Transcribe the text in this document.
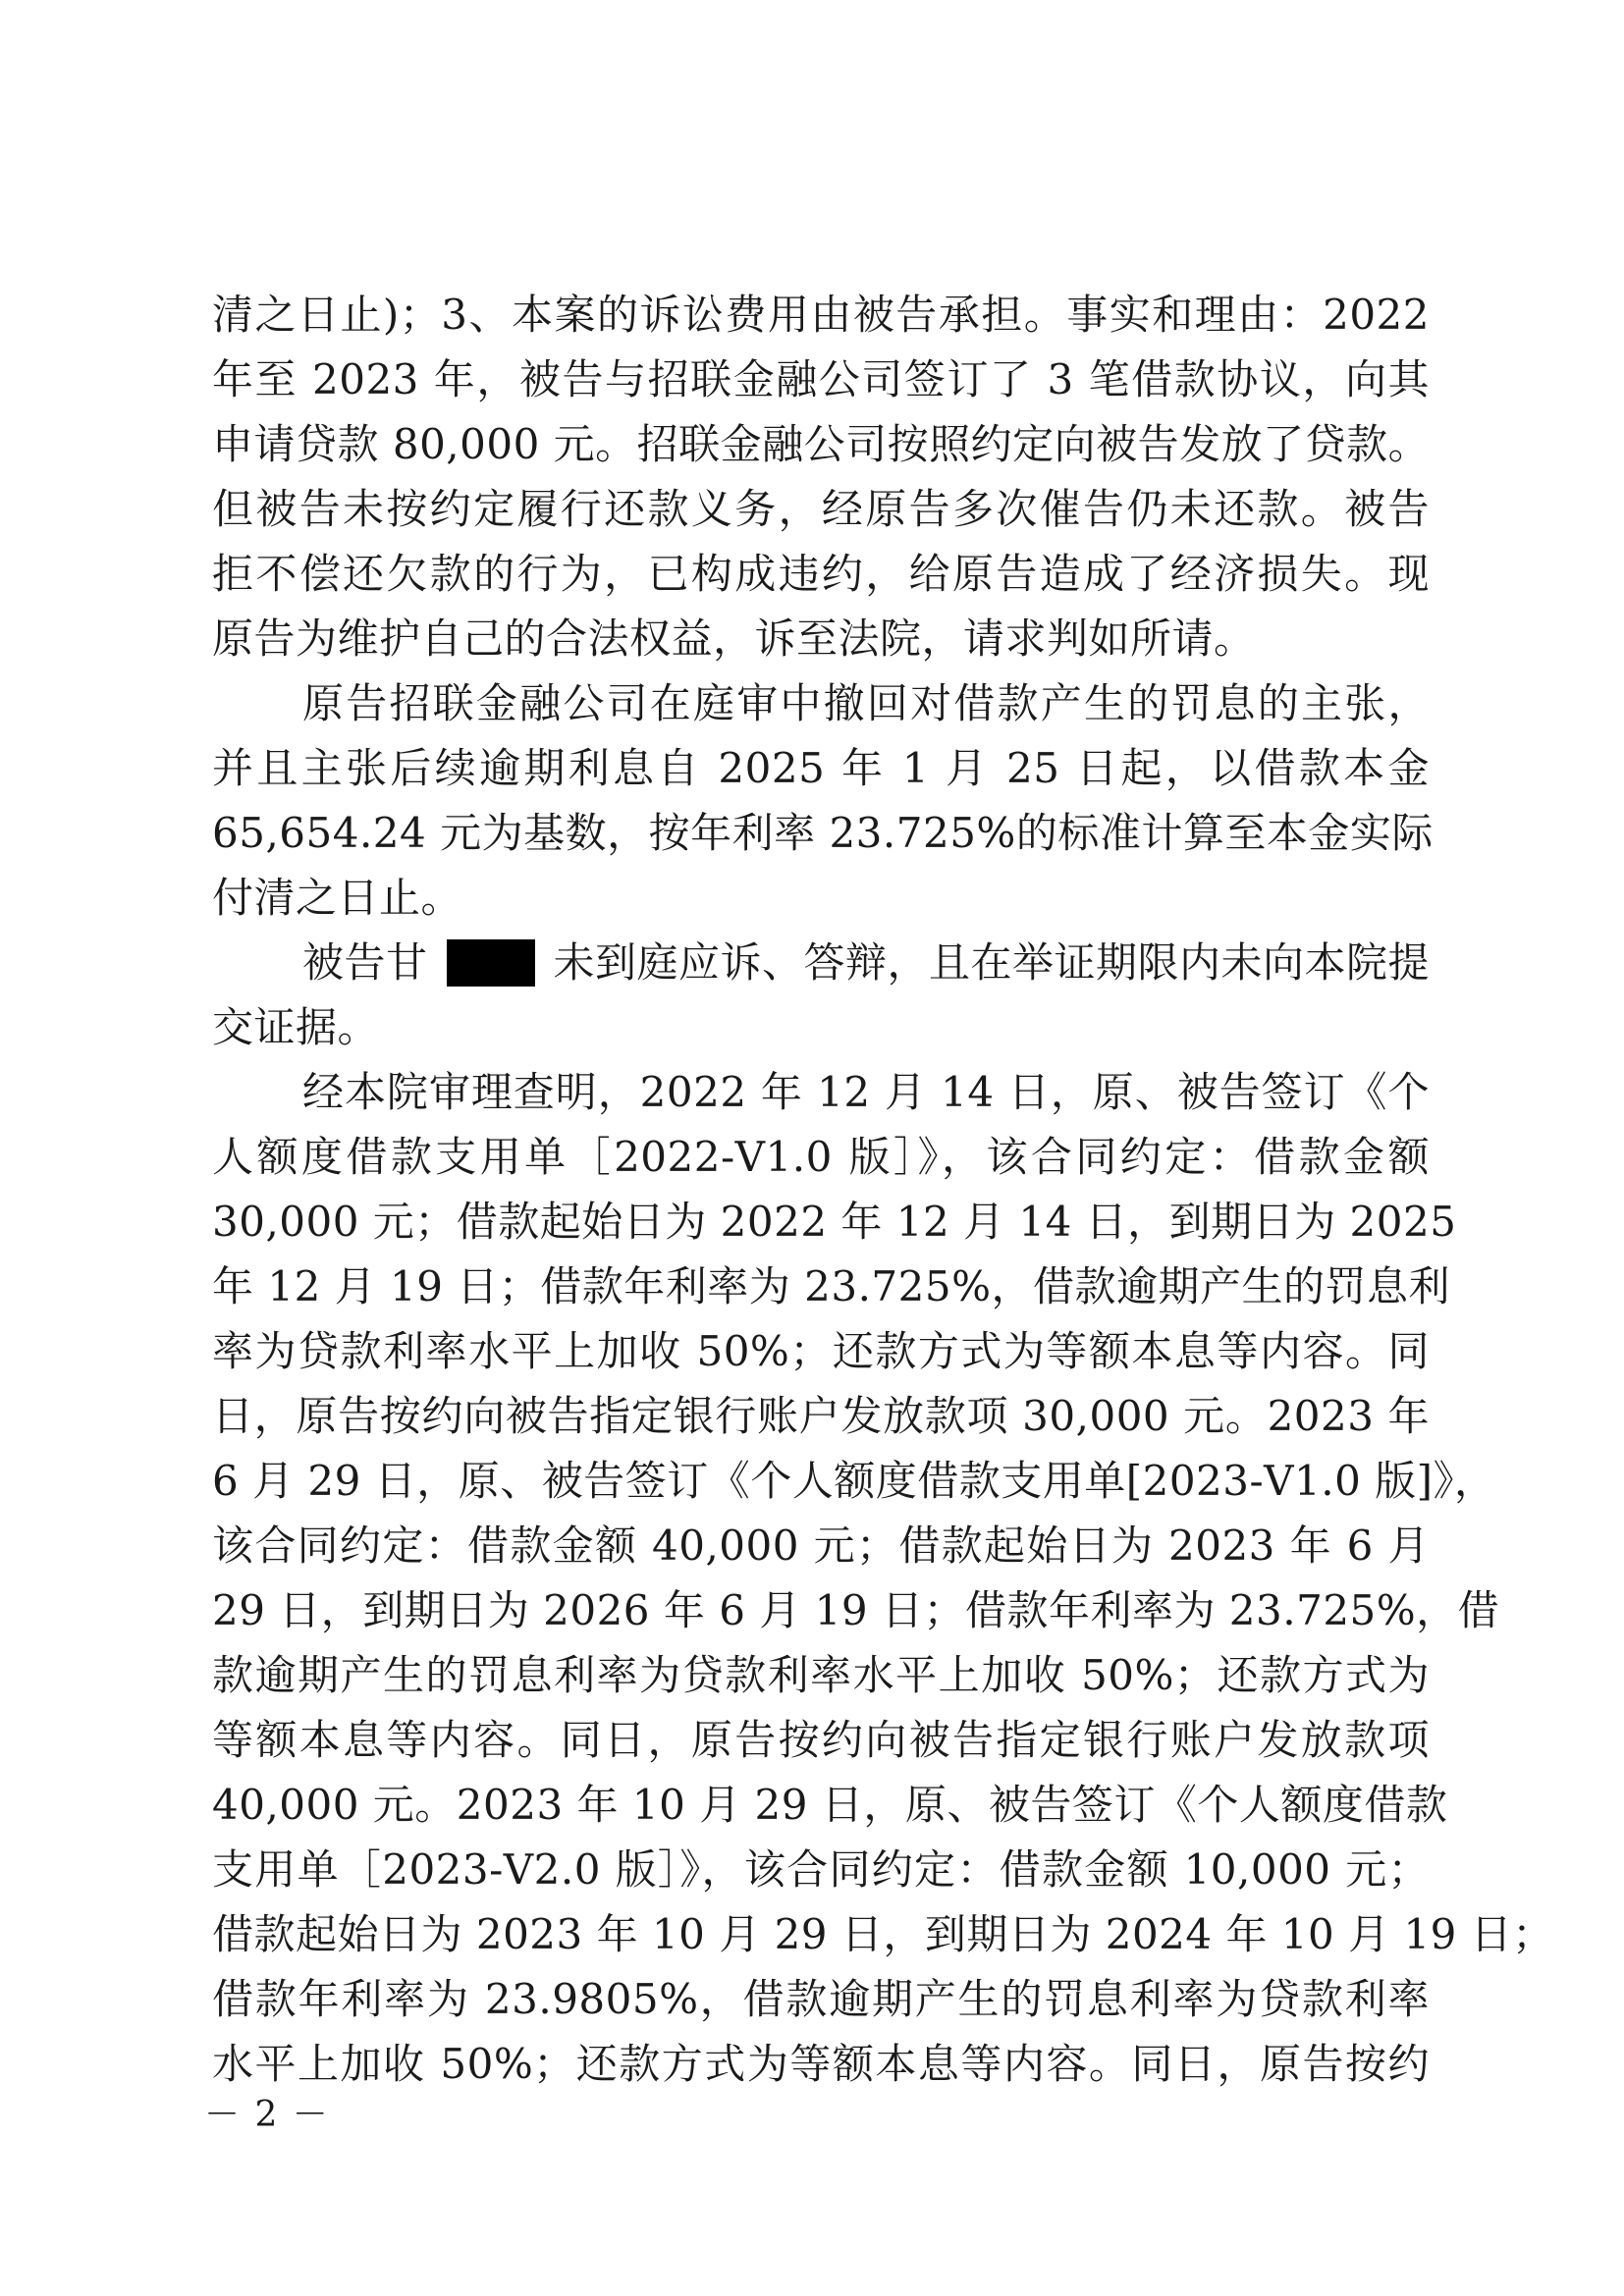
清之日止)；3、本案的诉讼费用由被告承担。事实和理由：2022
年至 2023 年，被告与招联金融公司签订了 3 笔借款协议，向其
申请贷款 80,000 元。招联金融公司按照约定向被告发放了贷款。
但被告未按约定履行还款义务，经原告多次催告仍未还款。被告
拒不偿还欠款的行为，已构成违约，给原告造成了经济损失。现
原告为维护自己的合法权益，诉至法院，请求判如所请。
原告招联金融公司在庭审中撤回对借款产生的罚息的主张，
并且主张后续逾期利息自 2025 年 1 月 25 日起，以借款本金
65,654.24 元为基数，按年利率 23.725%的标准计算至本金实际
付清之日止。
被告甘	未到庭应诉、答辩，且在举证期限内未向本院提
交证据。
经本院审理查明，2022 年 12 月 14 日，原、被告签订《个
人额度借款支用单［2022-V1.0 版］》，该合同约定：借款金额
30,000 元；借款起始日为 2022 年 12 月 14 日，到期日为 2025
年 12 月 19 日；借款年利率为 23.725%，借款逾期产生的罚息利
率为贷款利率水平上加收 50%；还款方式为等额本息等内容。同
日，原告按约向被告指定银行账户发放款项 30,000 元。2023 年
6 月 29 日，原、被告签订《个人额度借款支用单[2023-V1.0 版]》，
该合同约定：借款金额 40,000 元；借款起始日为 2023 年 6 月
29 日，到期日为 2026 年 6 月 19 日；借款年利率为 23.725%，借
款逾期产生的罚息利率为贷款利率水平上加收 50%；还款方式为
等额本息等内容。同日，原告按约向被告指定银行账户发放款项
40,000 元。2023 年 10 月 29 日，原、被告签订《个人额度借款
支用单［2023-V2.0 版］》，该合同约定：借款金额 10,000 元；
借款起始日为 2023 年 10 月 29 日，到期日为 2024 年 10 月 19 日；
借款年利率为 23.9805%，借款逾期产生的罚息利率为贷款利率
水平上加收 50%；还款方式为等额本息等内容。同日，原告按约
－ 2 －
